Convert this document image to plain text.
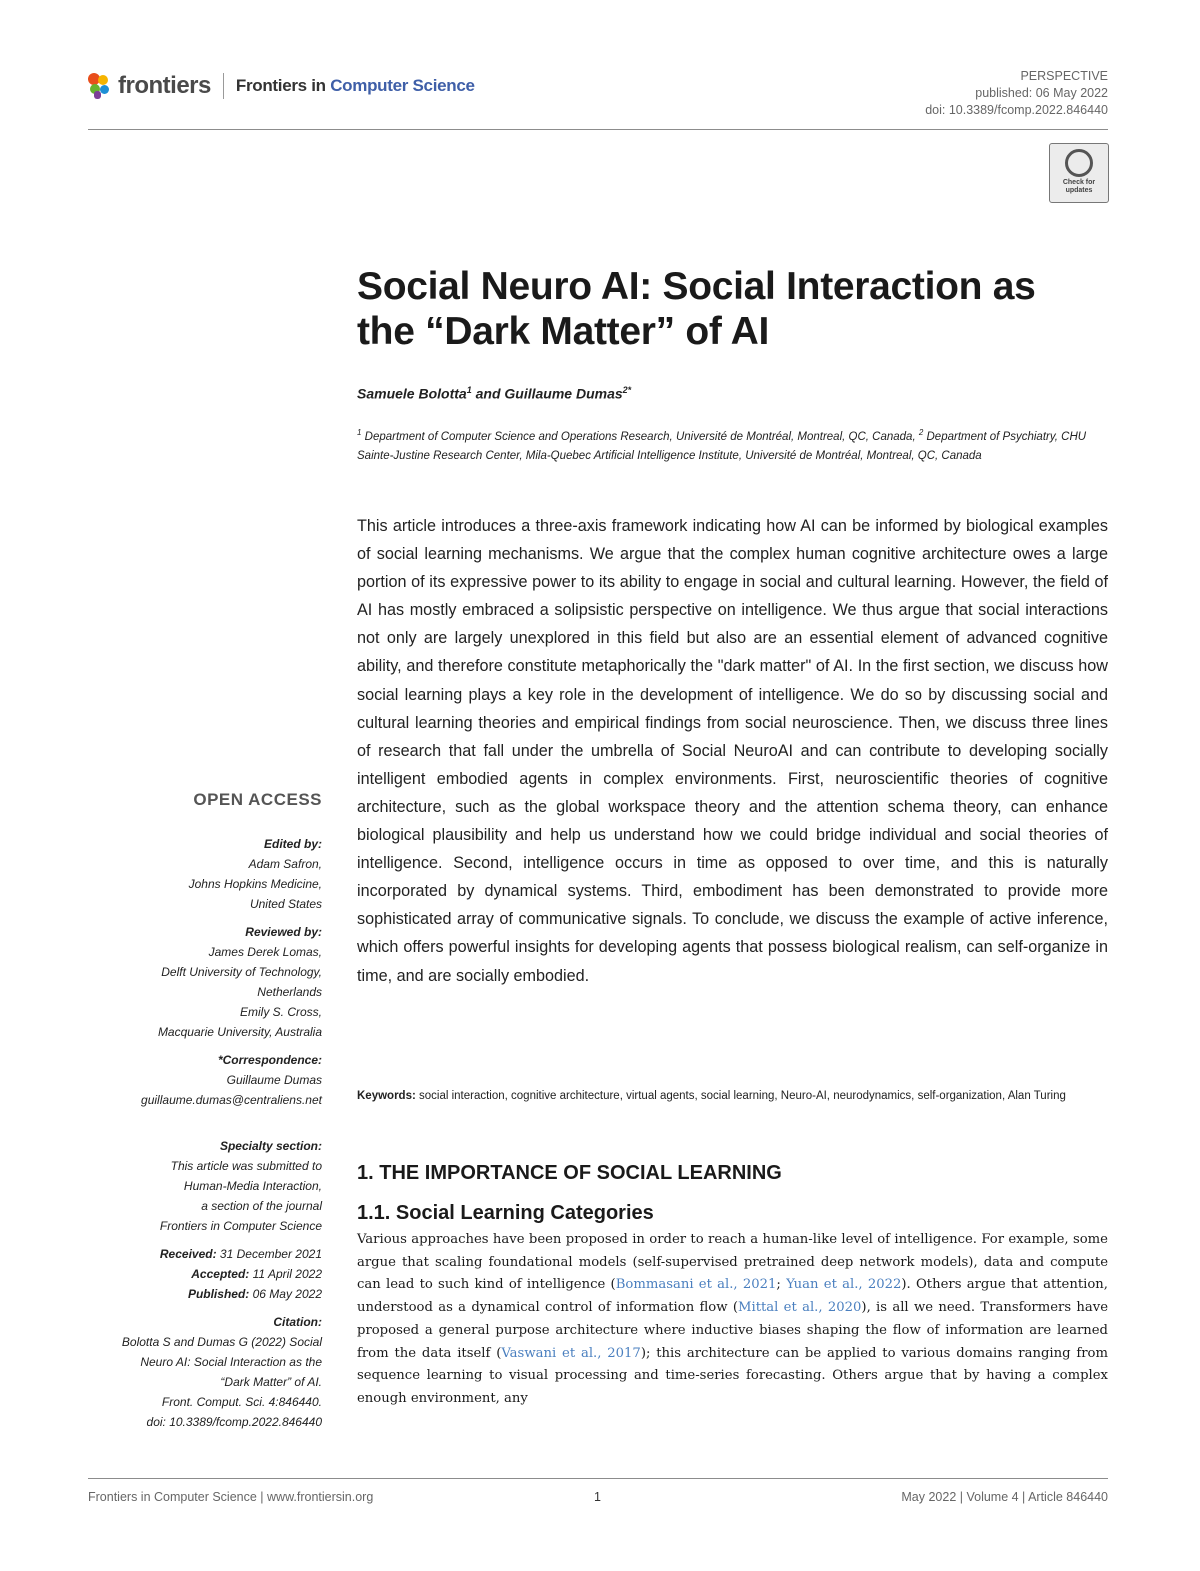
frontiers Frontiers in Computer Science	PERSPECTIVE
published: 06 May 2022
doi: 10.3389/fcomp.2022.846440
Check for updates
Social Neuro AI: Social Interaction as
the “Dark Matter” of AI
Samuele Bolotta$^1$ and Guillaume Dumas$^{2*}$
$^1$ Department of Computer Science and Operations Research, Université de Montréal, Montreal, QC, Canada, $^2$ Department of Psychiatry, CHU Sainte-Justine Research Center, Mila-Quebec Artificial Intelligence Institute, Université de Montréal, Montreal, QC, Canada
This article introduces a three-axis framework indicating how AI can be informed by biological examples of social learning mechanisms. We argue that the complex human cognitive architecture owes a large portion of its expressive power to its ability to engage in social and cultural learning. However, the field of AI has mostly embraced a solipsistic perspective on intelligence. We thus argue that social interactions not only are largely unexplored in this field but also are an essential element of advanced cognitive ability, and therefore constitute metaphorically the "dark matter" of AI. In the first section, we discuss how social learning plays a key role in the development of intelligence. We do so by discussing social and cultural learning theories and empirical findings from social neuroscience. Then, we discuss three lines of research that fall under the umbrella of Social NeuroAI and can contribute to developing socially intelligent embodied agents in complex environments. First, neuroscientific theories of cognitive architecture, such as the global workspace theory and the attention schema theory, can enhance biological plausibility and help us understand how we could bridge individual and social theories of intelligence. Second, intelligence occurs in time as opposed to over time, and this is naturally incorporated by dynamical systems. Third, embodiment has been demonstrated to provide more sophisticated array of communicative signals. To conclude, we discuss the example of active inference, which offers powerful insights for developing agents that possess biological realism, can self-organize in time, and are socially embodied.
Keywords: social interaction, cognitive architecture, virtual agents, social learning, Neuro-AI, neurodynamics, self-organization, Alan Turing
1. THE IMPORTANCE OF SOCIAL LEARNING
1.1. Social Learning Categories
Various approaches have been proposed in order to reach a human-like level of intelligence. For example, some argue that scaling foundational models (self-supervised pretrained deep network models), data and compute can lead to such kind of intelligence (Bommasani et al., 2021; Yuan et al., 2022). Others argue that attention, understood as a dynamical control of information flow (Mittal et al., 2020), is all we need. Transformers have proposed a general purpose architecture where inductive biases shaping the flow of information are learned from the data itself (Vaswani et al., 2017); this architecture can be applied to various domains ranging from sequence learning to visual processing and time-series forecasting. Others argue that by having a complex enough environment, any
OPEN ACCESS
Edited by:
Adam Safron,
Johns Hopkins Medicine,
United States
Reviewed by:
James Derek Lomas,
Delft University of Technology,
Netherlands
Emily S. Cross,
Macquarie University, Australia
*Correspondence:
Guillaume Dumas
guillaume.dumas@centraliens.net
Specialty section:
This article was submitted to
Human-Media Interaction,
a section of the journal
Frontiers in Computer Science
Received: 31 December 2021
Accepted: 11 April 2022
Published: 06 May 2022
Citation:
Bolotta S and Dumas G (2022) Social
Neuro AI: Social Interaction as the
“Dark Matter” of AI.
Front. Comput. Sci. 4:846440.
doi: 10.3389/fcomp.2022.846440
Frontiers in Computer Science | www.frontiersin.org	1	May 2022 | Volume 4 | Article 846440
